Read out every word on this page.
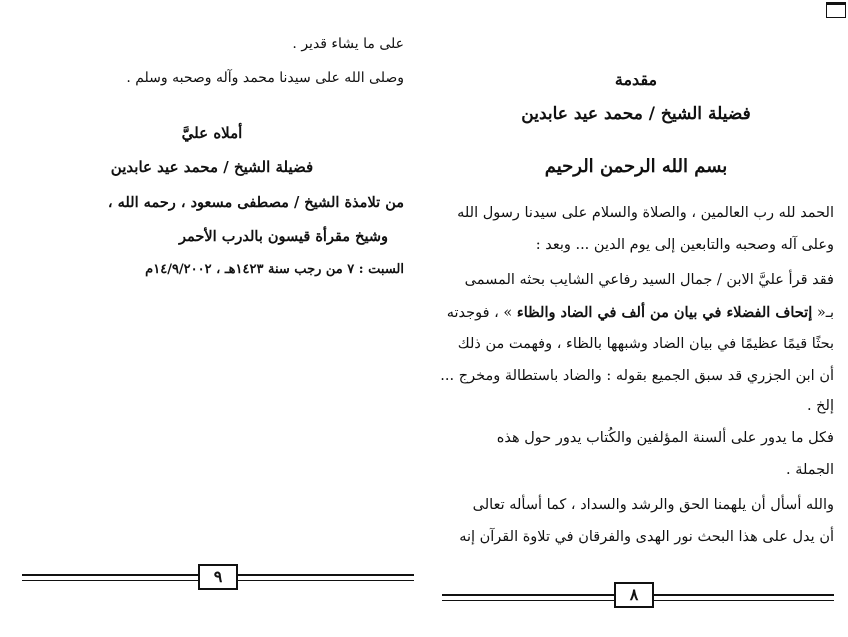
على ما يشاء قدير .
وصلى الله على سيدنا محمد وآله وصحبه وسلم .
أملاه عليَّ
فضيلة الشيخ / محمد عيد عابدين
من تلامذة الشيخ / مصطفى مسعود ، رحمه الله ،
وشيخ مقرأة قيسون بالدرب الأحمر
السبت : ٧ من رجب سنة ١٤٢٣هـ ، ١٤/٩/٢٠٠٢م
٩
مقدمة
فضيلة الشيخ / محمد عيد عابدين
بسم الله الرحمن الرحيم
الحمد لله رب العالمين ، والصلاة والسلام على سيدنا رسول الله
وعلى آله وصحبه والتابعين إلى يوم الدين ... وبعد :
فقد قرأ عليَّ الابن / جمال السيد رفاعي الشايب بحثه المسمى
بـ« إتحاف الفضلاء في بيان من ألف في الضاد والظاء » ، فوجدته
بحثًا قيمًا عظيمًا في بيان الضاد وشبهها بالظاء ، وفهمت من ذلك
أن ابن الجزري قد سبق الجميع بقوله : والضاد باستطالة ومخرج ...
إلخ .
فكل ما يدور على ألسنة المؤلفين والكُتاب يدور حول هذه
الجملة .
والله أسأل أن يلهمنا الحق والرشد والسداد ، كما أسأله تعالى
أن يدل على هذا البحث نور الهدى والفرقان في تلاوة القرآن إنه
٨
